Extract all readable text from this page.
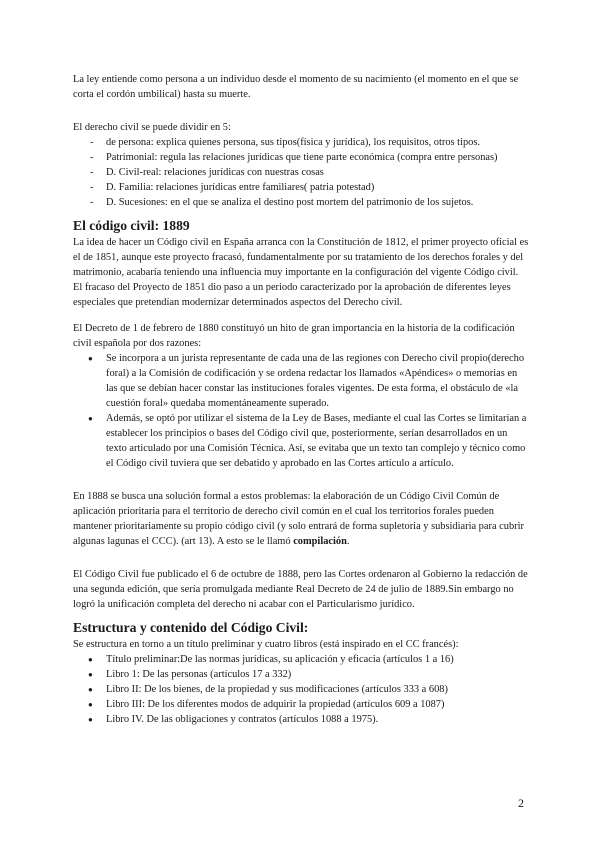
La ley entiende como persona a un individuo desde el momento de su nacimiento (el momento en el que se corta el cordón umbilical) hasta su muerte.

El derecho civil se puede dividir en 5:

- de persona: explica quienes persona, sus tipos(física y jurídica), los requisitos, otros tipos.
- Patrimonial: regula las relaciones jurídicas que tiene parte económica (compra entre personas)
- D. Civil-real: relaciones jurídicas con nuestras cosas
- D. Familia: relaciones jurídicas entre familiares( patria potestad)
- D. Sucesiones: en el que se analiza el destino post mortem del patrimonio de los sujetos.
El código civil: 1889

La idea de hacer un Código civil en España arranca con la Constitución de 1812, el primer proyecto oficial es el de 1851, aunque este proyecto fracasó, fundamentalmente por su tratamiento de los derechos forales y del matrimonio, acabaría teniendo una influencia muy importante en la configuración del vigente Código civil.

El fracaso del Proyecto de 1851 dio paso a un periodo caracterizado por la aprobación de diferentes leyes especiales que pretendían modernizar determinados aspectos del Derecho civil.

El Decreto de 1 de febrero de 1880 constituyó un hito de gran importancia en la historia de la codificación civil española por dos razones:

● Se incorpora a un jurista representante de cada una de las regiones con Derecho civil propio(derecho foral) a la Comisión de codificación y se ordena redactar los llamados «Apéndices» o memorias en las que se debían hacer constar las instituciones forales vigentes. De esta forma, el obstáculo de «la cuestión foral» quedaba momentáneamente superado.
● Además, se optó por utilizar el sistema de la Ley de Bases, mediante el cual las Cortes se limitarían a establecer los principios o bases del Código civil que, posteriormente, serían desarrollados en un texto articulado por una Comisión Técnica. Así, se evitaba que un texto tan complejo y técnico como el Código civil tuviera que ser debatido y aprobado en las Cortes artículo a artículo.

En 1888 se busca una solución formal a estos problemas: la elaboración de un Código Civil Común de aplicación prioritaria para el territorio de derecho civil común en el cual los territorios forales pueden mantener prioritariamente su propio código civil (y solo entrará de forma supletoria y subsidiaria para cubrir algunas lagunas el CCC). (art 13). A esto se le llamó compilación.

El Código Civil fue publicado el 6 de octubre de 1888, pero las Cortes ordenaron al Gobierno la redacción de una segunda edición, que sería promulgada mediante Real Decreto de 24 de julio de 1889.Sin embargo no logró la unificación completa del derecho ni acabar con el Particularismo jurídico.

Estructura y contenido del Código Civil:

Se estructura en torno a un título preliminar y cuatro libros (está inspirado en el CC francés):

● Título preliminar:De las normas jurídicas, su aplicación y eficacia (artículos 1 a 16)
● Libro 1: De las personas (artículos 17 a 332)
● Libro II: De los bienes, de la propiedad y sus modificaciones (artículos 333 a 608)
● Libro III: De los diferentes modos de adquirir la propiedad (artículos 609 a 1087)
● Libro IV. De las obligaciones y contratos (artículos 1088 a 1975).
2
